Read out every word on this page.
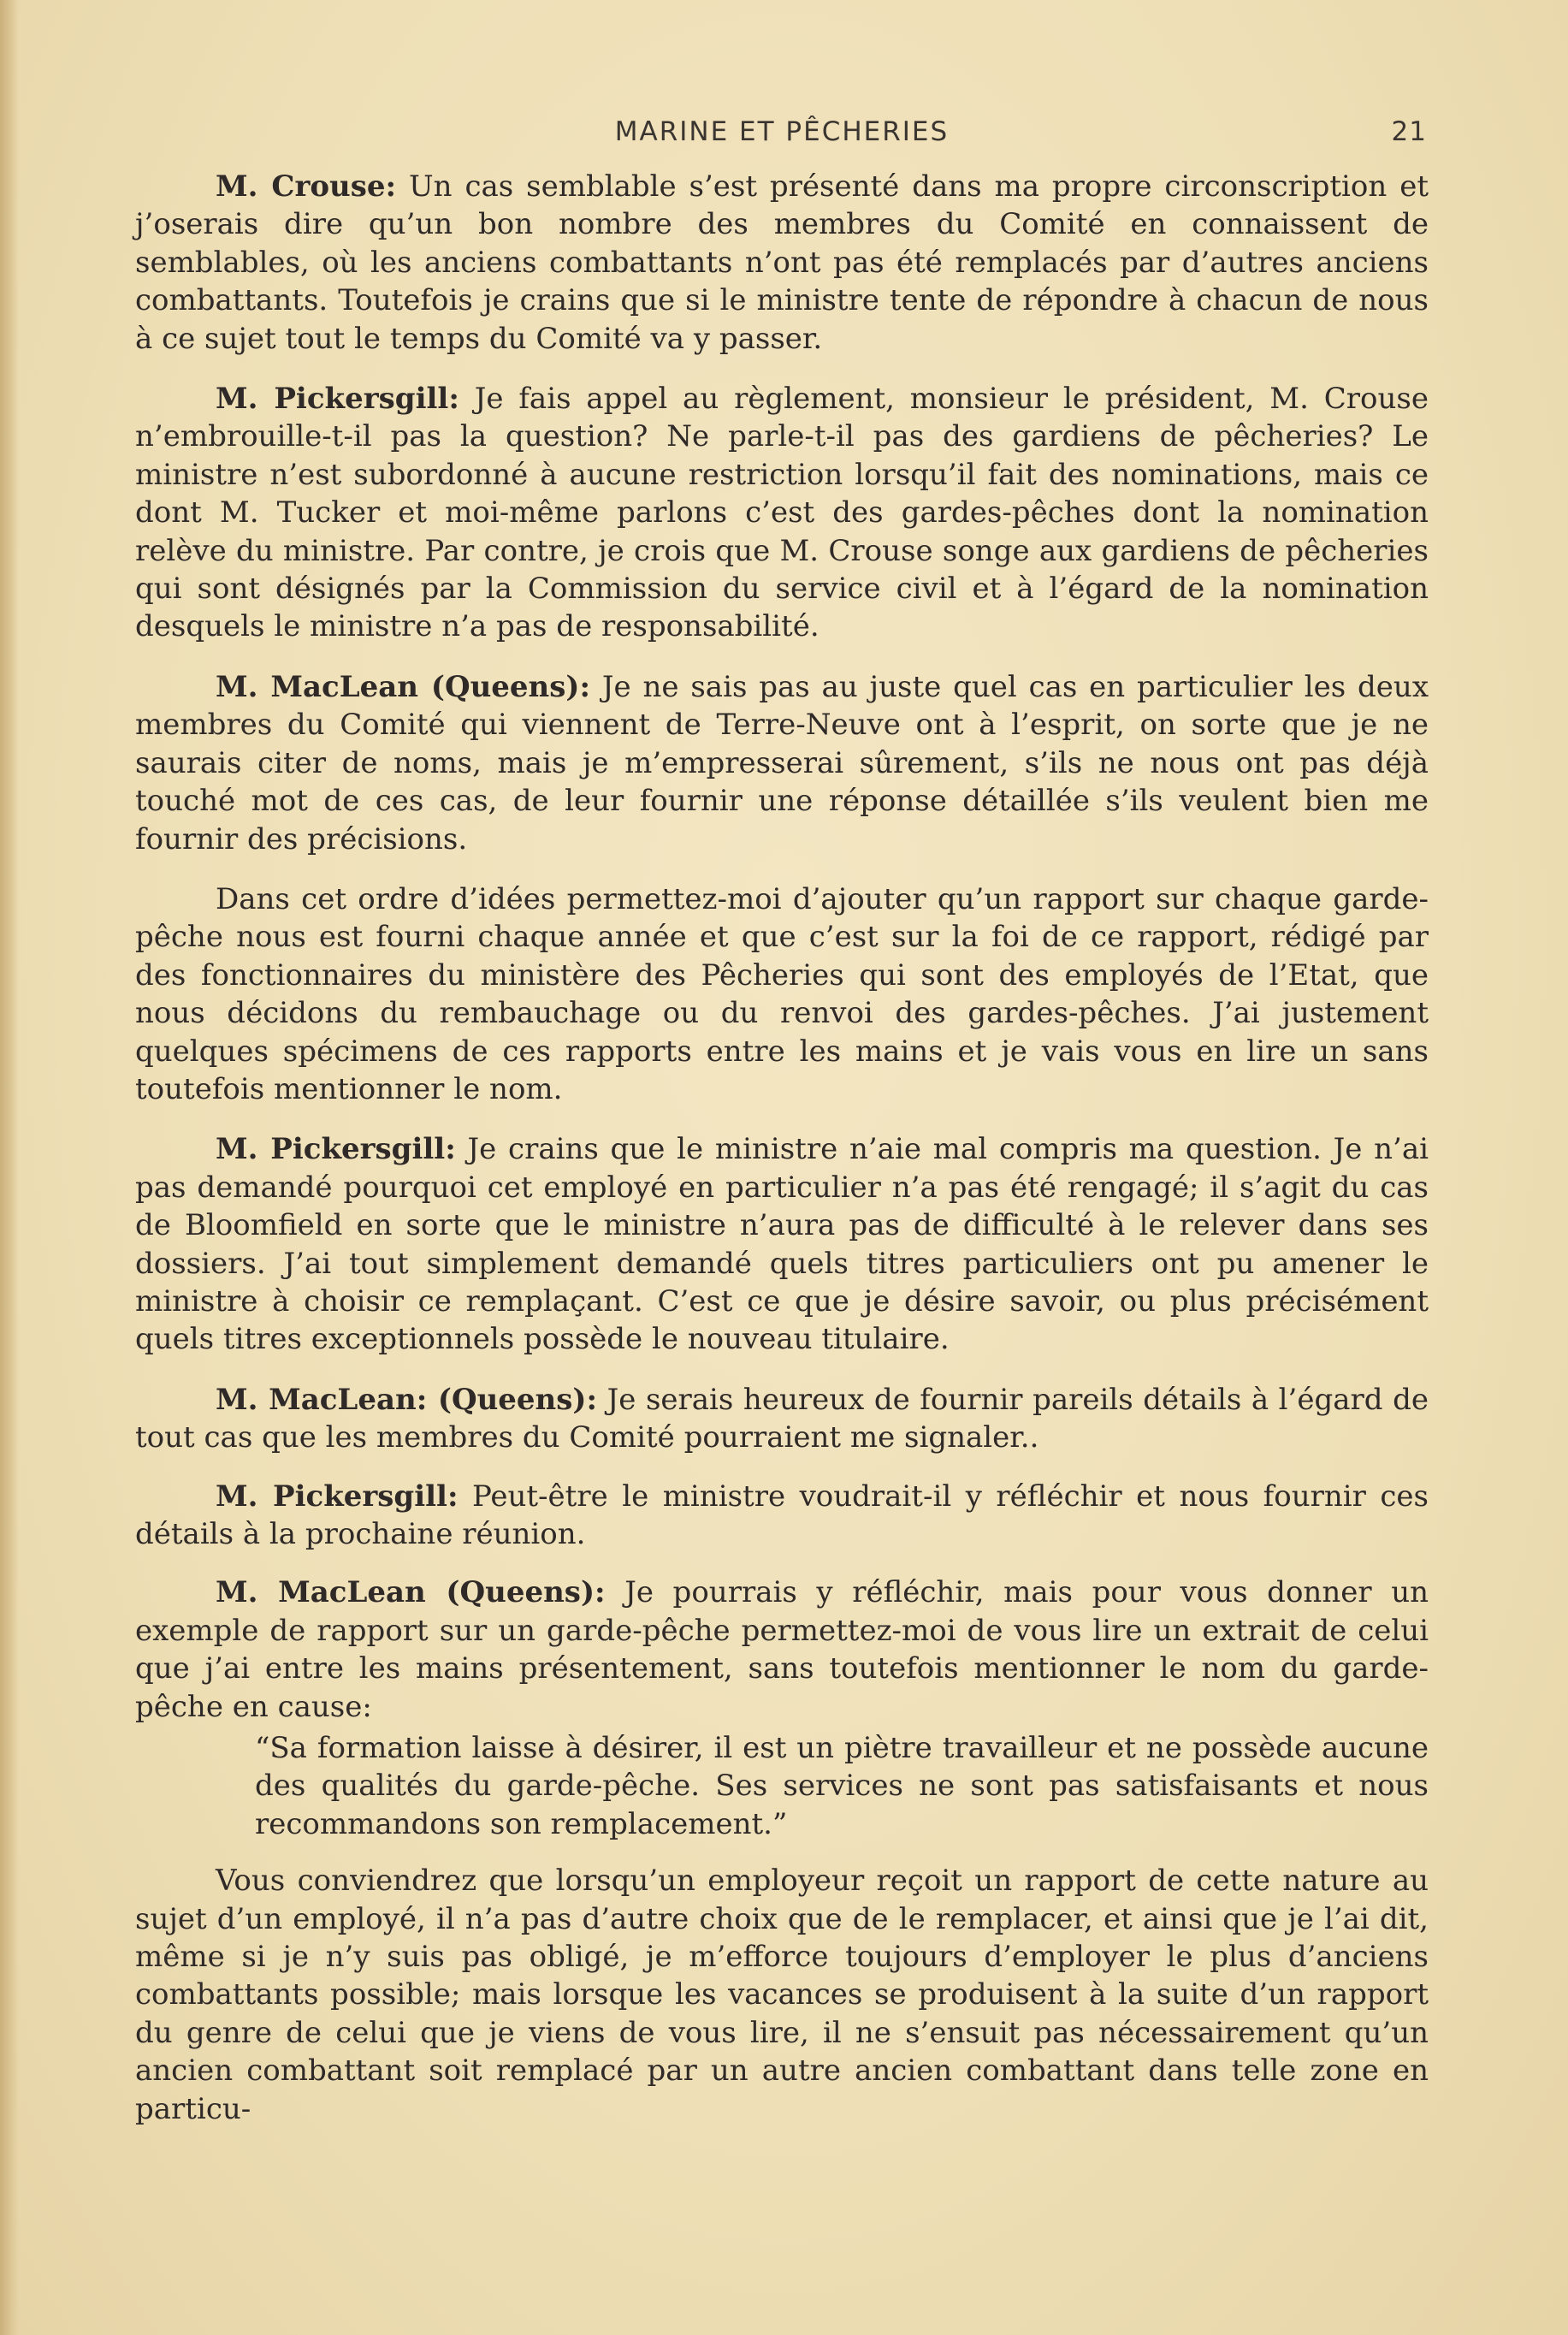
MARINE ET PÊCHERIES	21

M. Crouse: Un cas semblable s’est présenté dans ma propre circonscription et j’oserais dire qu’un bon nombre des membres du Comité en connaissent de semblables, où les anciens combattants n’ont pas été remplacés par d’autres anciens combattants. Toutefois je crains que si le ministre tente de répondre à chacun de nous à ce sujet tout le temps du Comité va y passer.

M. Pickersgill: Je fais appel au règlement, monsieur le président, M. Crouse n’embrouille-t-il pas la question? Ne parle-t-il pas des gardiens de pêcheries? Le ministre n’est subordonné à aucune restriction lorsqu’il fait des nominations, mais ce dont M. Tucker et moi-même parlons c’est des gardes-pêches dont la nomination relève du ministre. Par contre, je crois que M. Crouse songe aux gardiens de pêcheries qui sont désignés par la Commission du service civil et à l’égard de la nomination desquels le ministre n’a pas de responsabilité.

M. MacLean (Queens): Je ne sais pas au juste quel cas en particulier les deux membres du Comité qui viennent de Terre-Neuve ont à l’esprit, on sorte que je ne saurais citer de noms, mais je m’empresserai sûrement, s’ils ne nous ont pas déjà touché mot de ces cas, de leur fournir une réponse détaillée s’ils veulent bien me fournir des précisions.

Dans cet ordre d’idées permettez-moi d’ajouter qu’un rapport sur chaque garde-pêche nous est fourni chaque année et que c’est sur la foi de ce rapport, rédigé par des fonctionnaires du ministère des Pêcheries qui sont des employés de l’Etat, que nous décidons du rembauchage ou du renvoi des gardes-pêches. J’ai justement quelques spécimens de ces rapports entre les mains et je vais vous en lire un sans toutefois mentionner le nom.

M. Pickersgill: Je crains que le ministre n’aie mal compris ma question. Je n’ai pas demandé pourquoi cet employé en particulier n’a pas été rengagé; il s’agit du cas de Bloomfield en sorte que le ministre n’aura pas de difficulté à le relever dans ses dossiers. J’ai tout simplement demandé quels titres particuliers ont pu amener le ministre à choisir ce remplaçant. C’est ce que je désire savoir, ou plus précisément quels titres exceptionnels possède le nouveau titulaire.

M. MacLean: (Queens): Je serais heureux de fournir pareils détails à l’égard de tout cas que les membres du Comité pourraient me signaler..

M. Pickersgill: Peut-être le ministre voudrait-il y réfléchir et nous fournir ces détails à la prochaine réunion.

M. MacLean (Queens): Je pourrais y réfléchir, mais pour vous donner un exemple de rapport sur un garde-pêche permettez-moi de vous lire un extrait de celui que j’ai entre les mains présentement, sans toutefois mentionner le nom du garde-pêche en cause:

“Sa formation laisse à désirer, il est un piètre travailleur et ne possède aucune des qualités du garde-pêche. Ses services ne sont pas satisfaisants et nous recommandons son remplacement.”

Vous conviendrez que lorsqu’un employeur reçoit un rapport de cette nature au sujet d’un employé, il n’a pas d’autre choix que de le remplacer, et ainsi que je l’ai dit, même si je n’y suis pas obligé, je m’efforce toujours d’employer le plus d’anciens combattants possible; mais lorsque les vacances se produisent à la suite d’un rapport du genre de celui que je viens de vous lire, il ne s’ensuit pas nécessairement qu’un ancien combattant soit remplacé par un autre ancien combattant dans telle zone en particu-
